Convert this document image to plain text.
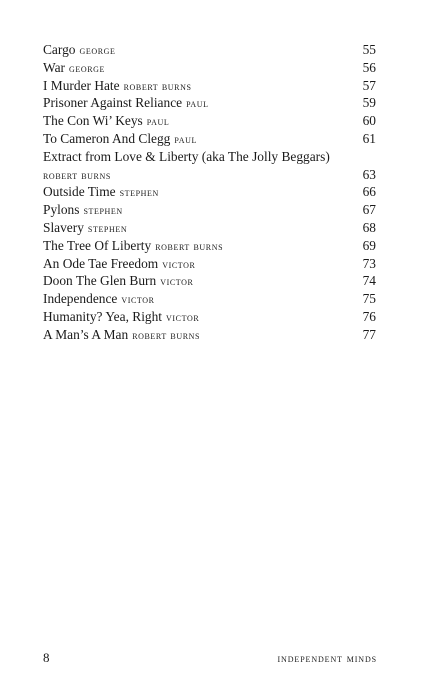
Cargo george	55
War george	56
I Murder Hate robert burns	57
Prisoner Against Reliance paul	59
The Con Wi’ Keys paul	60
To Cameron And Clegg paul	61
Extract from Love & Liberty (aka The Jolly Beggars)
robert burns	63
Outside Time stephen	66
Pylons stephen	67
Slavery stephen	68
The Tree Of Liberty robert burns	69
An Ode Tae Freedom victor	73
Doon The Glen Burn victor	74
Independence victor	75
Humanity? Yea, Right victor	76
A Man’s A Man robert burns	77
8	independent minds
